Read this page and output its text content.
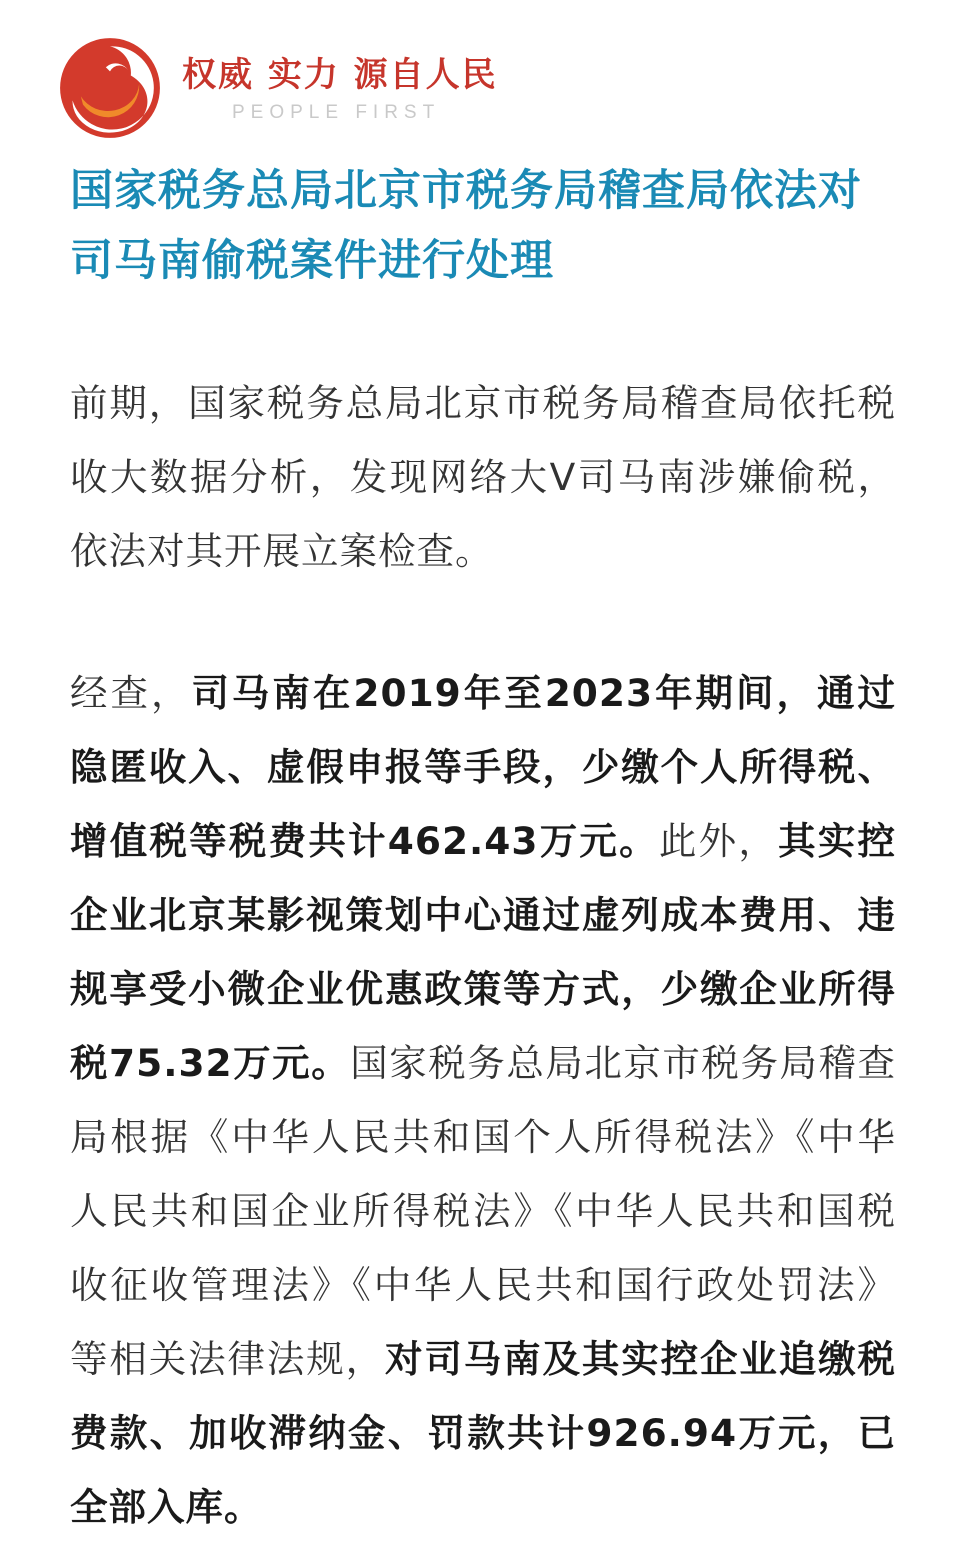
权威 实力 源自人民
PEOPLE FIRST
国家税务总局北京市税务局稽查局依法对司马南偷税案件进行处理

前期，国家税务总局北京市税务局稽查局依托税收大数据分析，发现网络大V司马南涉嫌偷税，依法对其开展立案检查。

经查，司马南在2019年至2023年期间，通过隐匿收入、虚假申报等手段，少缴个人所得税、增值税等税费共计462.43万元。此外，其实控企业北京某影视策划中心通过虚列成本费用、违规享受小微企业优惠政策等方式，少缴企业所得税75.32万元。国家税务总局北京市税务局稽查局根据《中华人民共和国个人所得税法》《中华人民共和国企业所得税法》《中华人民共和国税收征收管理法》《中华人民共和国行政处罚法》等相关法律法规，对司马南及其实控企业追缴税费款、加收滞纳金、罚款共计926.94万元，已全部入库。
